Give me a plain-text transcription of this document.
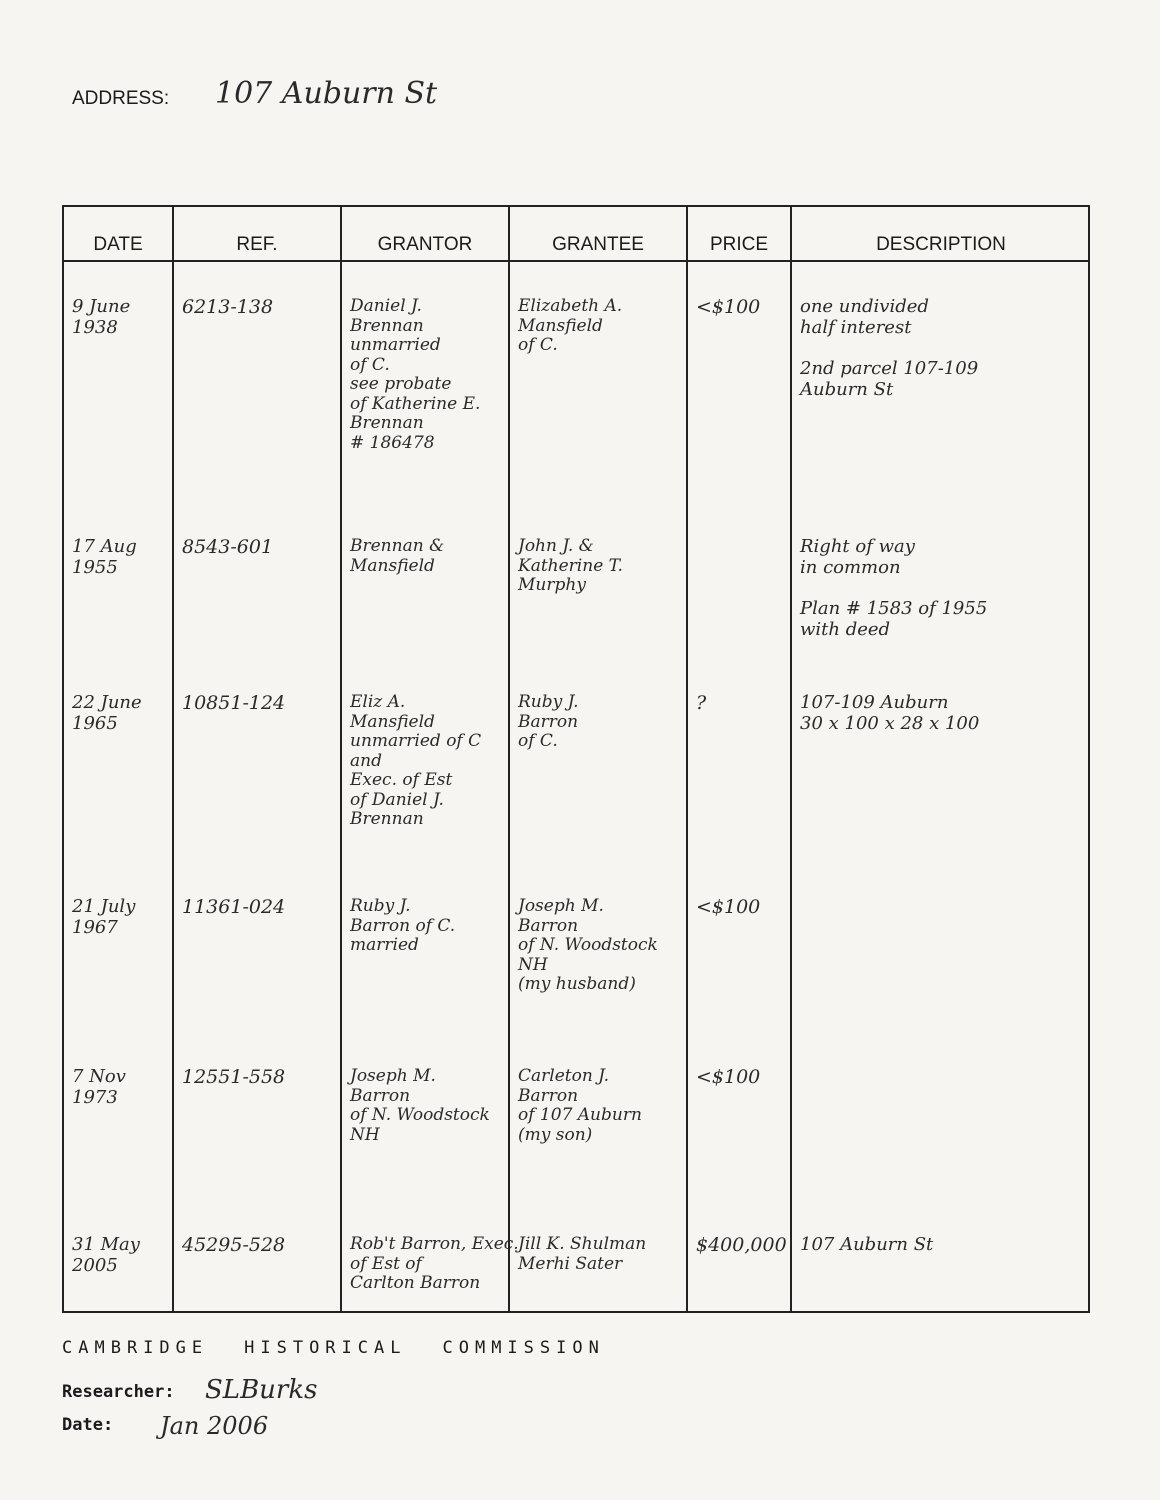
ADDRESS: 107 Auburn St
DATE
9 June
1938
17 Aug
1955
22 June
1965
21 July
1967
7 Nov
1973
31 May
2005
REF.
6213-138
8543-601
10851-124
11361-024
12551-558
45295-528
GRANTOR
Daniel J.
Brennan
unmarried
of C.
see probate
of Katherine E.
Brennan
# 186478
Brennan &
Mansfield
Eliz A.
Mansfield
unmarried of C
and
Exec. of Est
of Daniel J.
Brennan
Ruby J.
Barron of C.
married
Joseph M.
Barron
of N. Woodstock
NH
Rob't Barron, Exec.
of Est of
Carlton Barron
GRANTEE
Elizabeth A.
Mansfield
of C.
John J. &
Katherine T.
Murphy
Ruby J.
Barron
of C.
Joseph M.
Barron
of N. Woodstock
NH
(my husband)
Carleton J.
Barron
of 107 Auburn
(my son)
Jill K. Shulman
Merhi Sater
PRICE
<$100
?
<$100
<$100
$400,000
DESCRIPTION
one undivided
half interest

2nd parcel 107-109
Auburn St
Right of way
in common

Plan # 1583 of 1955
with deed
107-109 Auburn
30 x 100 x 28 x 100
107 Auburn St
CAMBRIDGE HISTORICAL COMMISSION
Researcher: SLBurks
Date: Jan 2006
